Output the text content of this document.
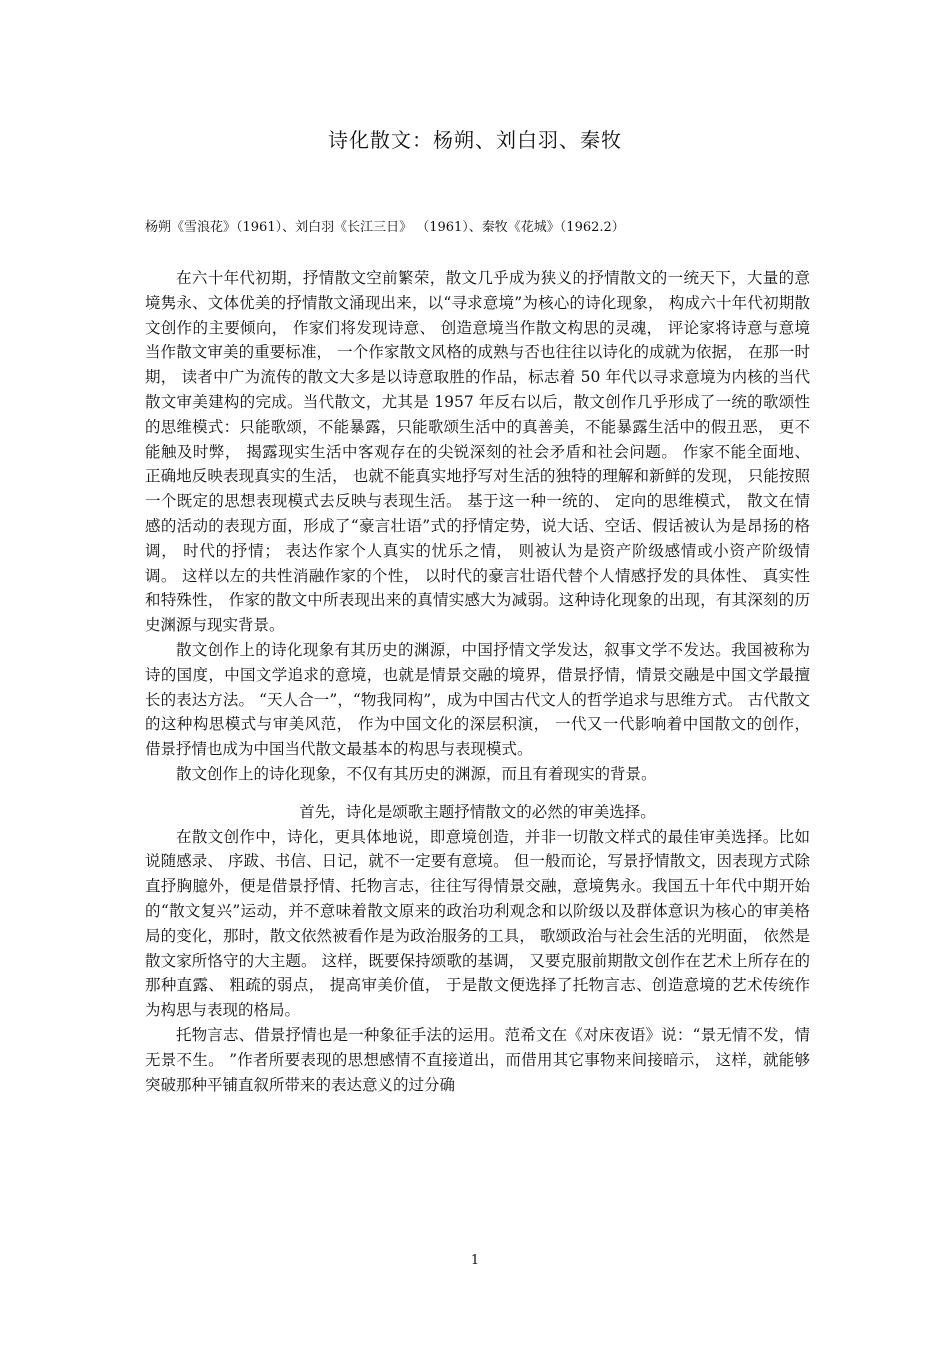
诗化散文：杨朔、刘白羽、秦牧

杨朔《雪浪花》（1961）、刘白羽《长江三日》 （1961）、秦牧《花城》（1962.2）

在六十年代初期，抒情散文空前繁荣，散文几乎成为狭义的抒情散文的一统天下，大量的意境隽永、文体优美的抒情散文涌现出来，以“寻求意境”为核心的诗化现象， 构成六十年代初期散文创作的主要倾向， 作家们将发现诗意、 创造意境当作散文构思的灵魂， 评论家将诗意与意境当作散文审美的重要标准， 一个作家散文风格的成熟与否也往往以诗化的成就为依据， 在那一时期， 读者中广为流传的散文大多是以诗意取胜的作品，标志着 50 年代以寻求意境为内核的当代散文审美建构的完成。当代散文，尤其是 1957 年反右以后，散文创作几乎形成了一统的歌颂性的思维模式：只能歌颂，不能暴露，只能歌颂生活中的真善美，不能暴露生活中的假丑恶， 更不能触及时弊， 揭露现实生活中客观存在的尖锐深刻的社会矛盾和社会问题。 作家不能全面地、 正确地反映表现真实的生活， 也就不能真实地抒写对生活的独特的理解和新鲜的发现， 只能按照一个既定的思想表现模式去反映与表现生活。 基于这一种一统的、 定向的思维模式， 散文在情感的活动的表现方面，形成了“豪言壮语”式的抒情定势，说大话、空话、假话被认为是昂扬的格调， 时代的抒情； 表达作家个人真实的忧乐之情， 则被认为是资产阶级感情或小资产阶级情调。 这样以左的共性消融作家的个性， 以时代的豪言壮语代替个人情感抒发的具体性、 真实性和特殊性， 作家的散文中所表现出来的真情实感大为减弱。这种诗化现象的出现，有其深刻的历史渊源与现实背景。

散文创作上的诗化现象有其历史的渊源，中国抒情文学发达，叙事文学不发达。我国被称为诗的国度，中国文学追求的意境，也就是情景交融的境界，借景抒情，情景交融是中国文学最擅长的表达方法。 “天人合一”，“物我同构”，成为中国古代文人的哲学追求与思维方式。 古代散文的这种构思模式与审美风范， 作为中国文化的深层积演， 一代又一代影响着中国散文的创作， 借景抒情也成为中国当代散文最基本的构思与表现模式。

散文创作上的诗化现象，不仅有其历史的渊源，而且有着现实的背景。

首先，诗化是颂歌主题抒情散文的必然的审美选择。

在散文创作中，诗化，更具体地说，即意境创造，并非一切散文样式的最佳审美选择。比如说随感录、 序跋、书信、日记，就不一定要有意境。 但一般而论，写景抒情散文，因表现方式除直抒胸臆外，便是借景抒情、托物言志，往往写得情景交融，意境隽永。我国五十年代中期开始的“散文复兴”运动，并不意味着散文原来的政治功利观念和以阶级以及群体意识为核心的审美格局的变化，那时，散文依然被看作是为政治服务的工具， 歌颂政治与社会生活的光明面， 依然是散文家所恪守的大主题。 这样，既要保持颂歌的基调， 又要克服前期散文创作在艺术上所存在的那种直露、 粗疏的弱点， 提高审美价值， 于是散文便选择了托物言志、创造意境的艺术传统作为构思与表现的格局。

托物言志、借景抒情也是一种象征手法的运用。范希文在《对床夜语》说：“景无情不发，情无景不生。 ”作者所要表现的思想感情不直接道出，而借用其它事物来间接暗示， 这样，就能够突破那种平铺直叙所带来的表达意义的过分确

1
